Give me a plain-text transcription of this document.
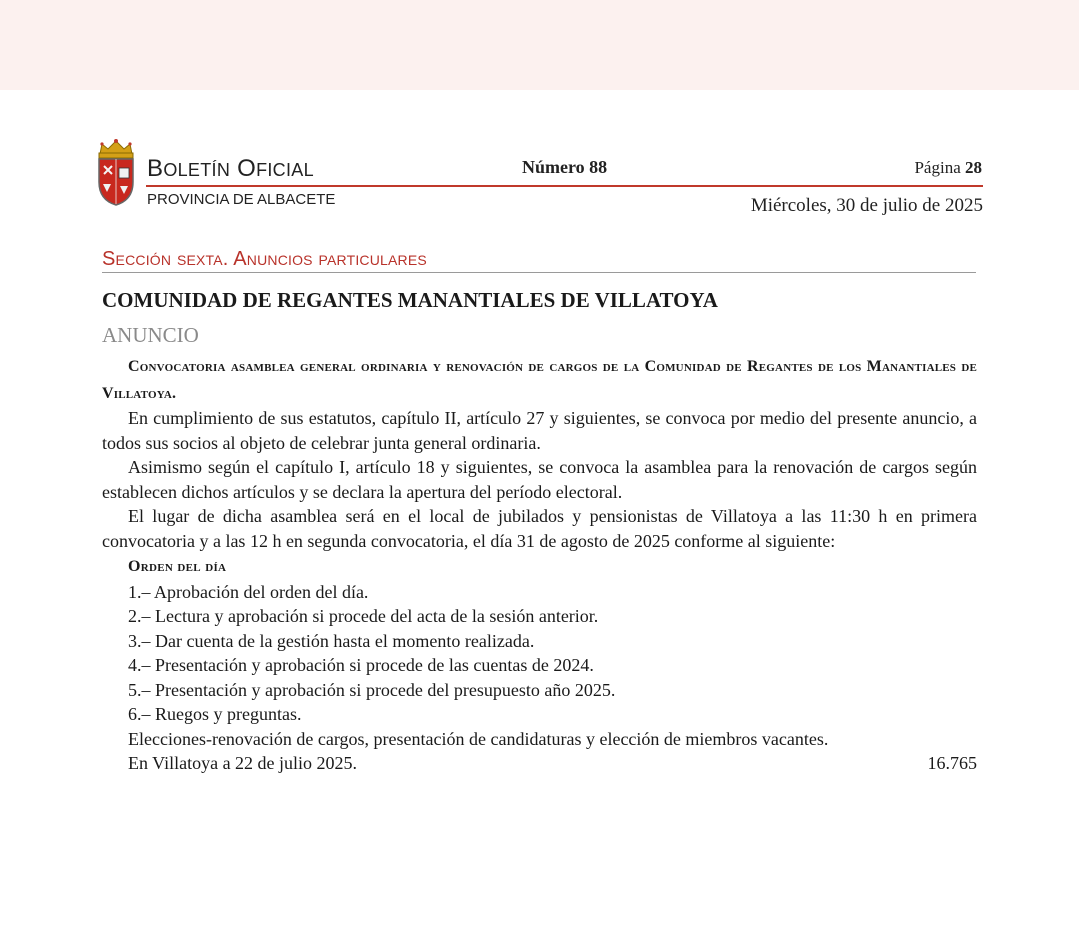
BOLETÍN OFICIAL	Número 88	Página 28
PROVINCIA DE ALBACETE	Miércoles, 30 de julio de 2025
Sección sexta. Anuncios particulares
COMUNIDAD DE REGANTES MANANTIALES DE VILLATOYA
ANUNCIO

Convocatoria asamblea general ordinaria y renovación de cargos de la Comunidad de Regantes de los Manantiales de Villatoya.

En cumplimiento de sus estatutos, capítulo II, artículo 27 y siguientes, se convoca por medio del presente anuncio, a todos sus socios al objeto de celebrar junta general ordinaria.

Asimismo según el capítulo I, artículo 18 y siguientes, se convoca la asamblea para la renovación de cargos según establecen dichos artículos y se declara la apertura del período electoral.

El lugar de dicha asamblea será en el local de jubilados y pensionistas de Villatoya a las 11:30 h en primera convocatoria y a las 12 h en segunda convocatoria, el día 31 de agosto de 2025 conforme al siguiente:

Orden del día
1.– Aprobación del orden del día.
2.– Lectura y aprobación si procede del acta de la sesión anterior.
3.– Dar cuenta de la gestión hasta el momento realizada.
4.– Presentación y aprobación si procede de las cuentas de 2024.
5.– Presentación y aprobación si procede del presupuesto año 2025.
6.– Ruegos y preguntas.
Elecciones-renovación de cargos, presentación de candidaturas y elección de miembros vacantes.
En Villatoya a 22 de julio 2025.	16.765
